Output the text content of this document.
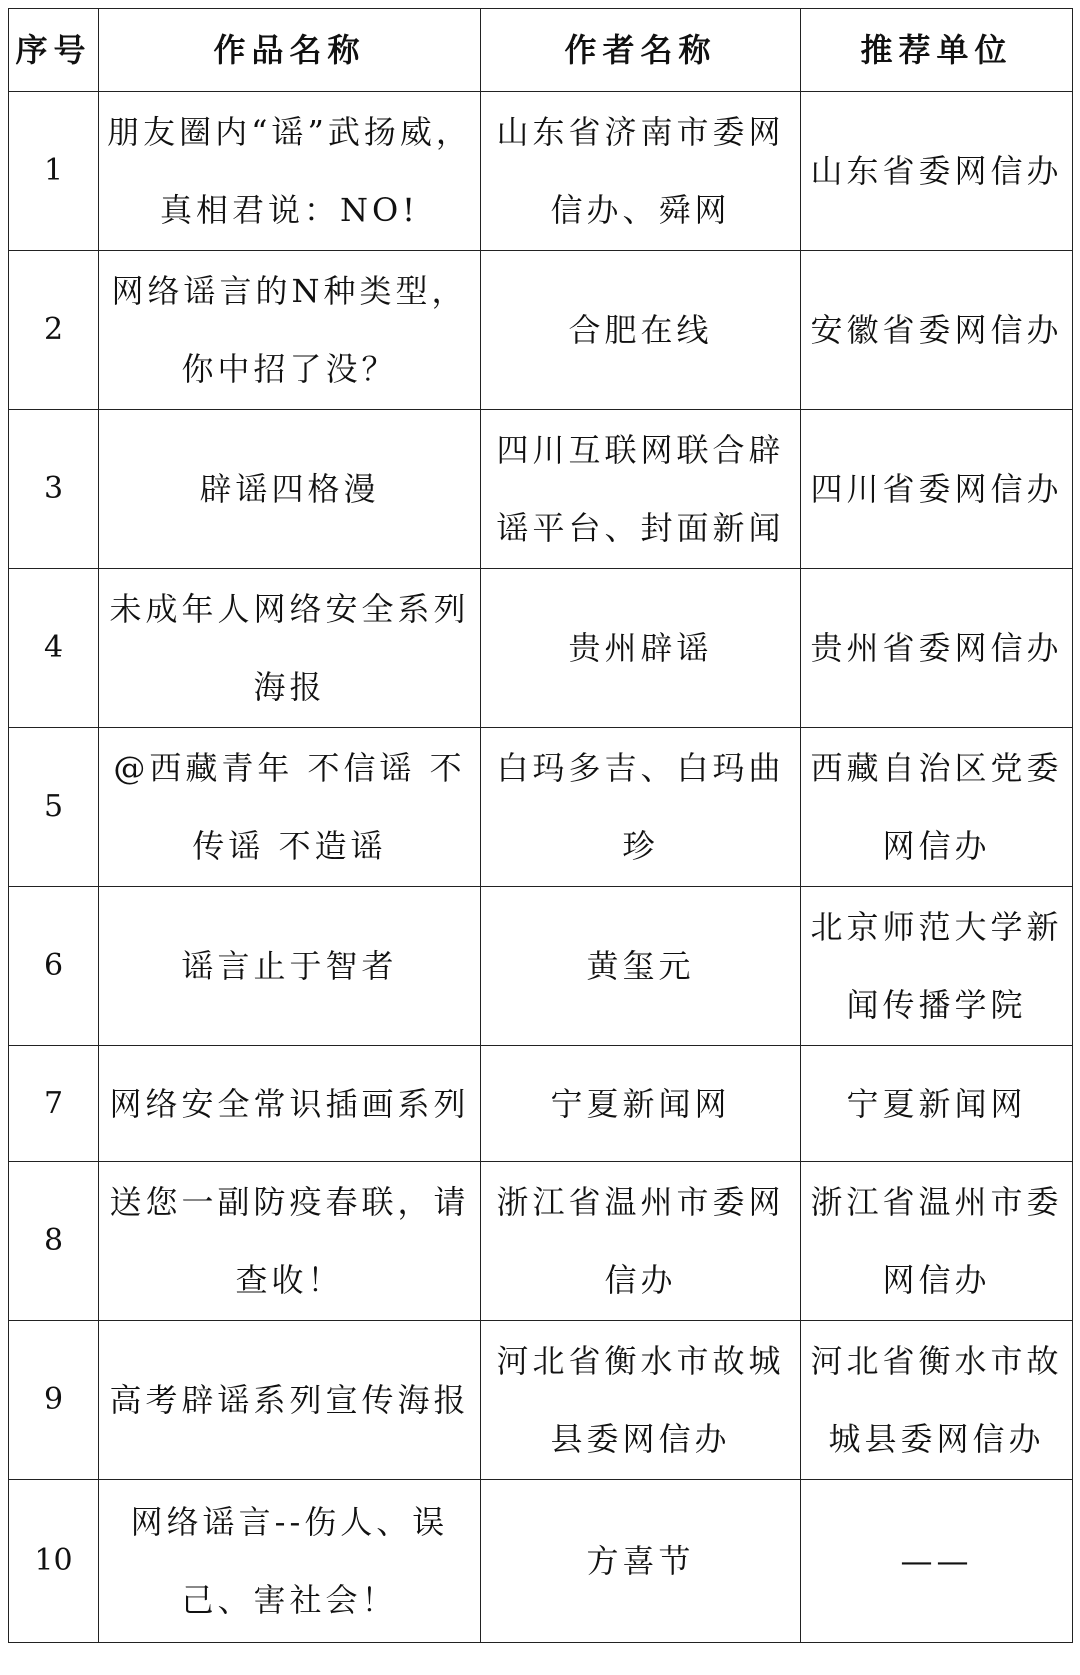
序号	作品名称	作者名称	推荐单位
1	朋友圈内“谣”武扬威，真相君说：NO!	山东省济南市委网信办、舜网	山东省委网信办
2	网络谣言的N种类型，你中招了没？	合肥在线	安徽省委网信办
3	辟谣四格漫	四川互联网联合辟谣平台、封面新闻	四川省委网信办
4	未成年人网络安全系列海报	贵州辟谣	贵州省委网信办
5	@西藏青年 不信谣 不传谣 不造谣	白玛多吉、白玛曲珍	西藏自治区党委网信办
6	谣言止于智者	黄玺元	北京师范大学新闻传播学院
7	网络安全常识插画系列	宁夏新闻网	宁夏新闻网
8	送您一副防疫春联，请查收！	浙江省温州市委网信办	浙江省温州市委网信办
9	高考辟谣系列宣传海报	河北省衡水市故城县委网信办	河北省衡水市故城县委网信办
10	网络谣言--伤人、误己、害社会！	方喜节	——
